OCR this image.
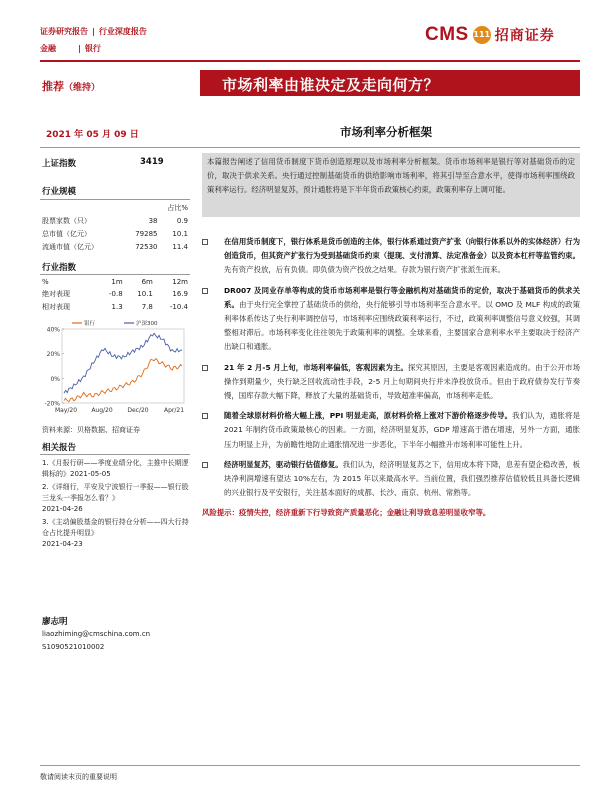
证券研究报告 | 行业深度报告
金融	| 银行
CMS 111 招商证券
推荐（维持）	市场利率由谁决定及走向何方？
2021 年 05 月 09 日	市场利率分析框架
上证指数	3419
行业规模
		占比%
股票家数（只）	38	0.9
总市值（亿元）	79285	10.1
流通市值（亿元）	72530	11.4
行业指数
%	1m	6m	12m
绝对表现	-0.8	10.1	16.9
相对表现	1.3	7.8	-10.4
40%
20%
0%
-20%
May/20 Aug/20 Dec/20	Apr/21
银行	沪深300
资料来源：贝格数据、招商证券
相关报告
1.《月报行研——季度业绩分化，主推中长期逻辑标的》2021-05-05
2.《详细行，平安及宁波银行一季报——银行股三龙头一季报怎么看？》
2021-04-26
3.《主动偏股基金的银行持仓分析——四大行持仓占比提升明显》
2021-04-23
廖志明
liaozhiming@cmschina.com.cn
S1090521010002
本篇报告阐述了信用货币制度下货币创造原理以及市场利率分析框架。货币市场利率是银行等对基础货币的定价，取决于供求关系。央行通过控制基础货币的供给影响市场利率，将其引导至合意水平，使得市场利率围绕政策利率运行。经济明显复苏，预计通胀将是下半年货币政策核心约束，政策利率存上调可能。
在信用货币制度下，银行体系是货币创造的主体，银行体系通过资产扩张（向银行体系以外的实体经济）行为创造货币，但其资产扩张行为受到基础货币约束（提现、支付清算、法定准备金）以及资本杠杆等监管约束。先有资产投放，后有负债。即负债为资产投放之结果。存款为银行资产扩张派生而来。
DR007 及同业存单等构成的货币市场利率是银行等金融机构对基础货币的定价，取决于基础货币的供求关系。由于央行完全掌控了基础货币的供给，央行能够引导市场利率至合意水平。以 OMO 及 MLF 构成的政策利率体系传达了央行利率调控信号，市场利率应围绕政策利率运行，不过，政策利率调整信号意义较强，其调整相对滞后。市场利率变化往往领先于政策利率的调整。全球来看，主要国家合意利率水平主要取决于经济产出缺口和通胀。
21 年 2 月-5 月上旬，市场利率偏低，客观因素为主。探究其原因，主要是客观因素造成的。由于公开市场操作到期量少，央行缺乏回收流动性手段，2-5 月上旬期间央行并未净投放货币。但由于政府债券发行节奏慢，国库存款大幅下降，释放了大量的基础货币，导致超准率偏高，市场利率走低。
随着全球原材料价格大幅上涨，PPI 明显走高，原材料价格上涨对下游价格逐步传导。我们认为，通胀将是 2021 年制约货币政策最核心的因素。一方面，经济明显复苏，GDP 增速高于潜在增速，另外一方面，通胀压力明显上升，为前瞻性地防止通胀情况进一步恶化，下半年小幅推升市场利率可能性上升。
经济明显复苏，驱动银行估值修复。我们认为，经济明显复苏之下，信用成本将下降，息差有望企稳改善，板块净利润增速有望达 10%左右，为 2015 年以来最高水平。当前位置，我们强烈推荐估值较低且具备长逻辑的兴业银行及平安银行，关注基本面好的成都、长沙、南京、杭州、常熟等。
风险提示：疫情失控，经济重新下行导致资产质量恶化；金融让利导致息差明显收窄等。
敬请阅读末页的重要说明
